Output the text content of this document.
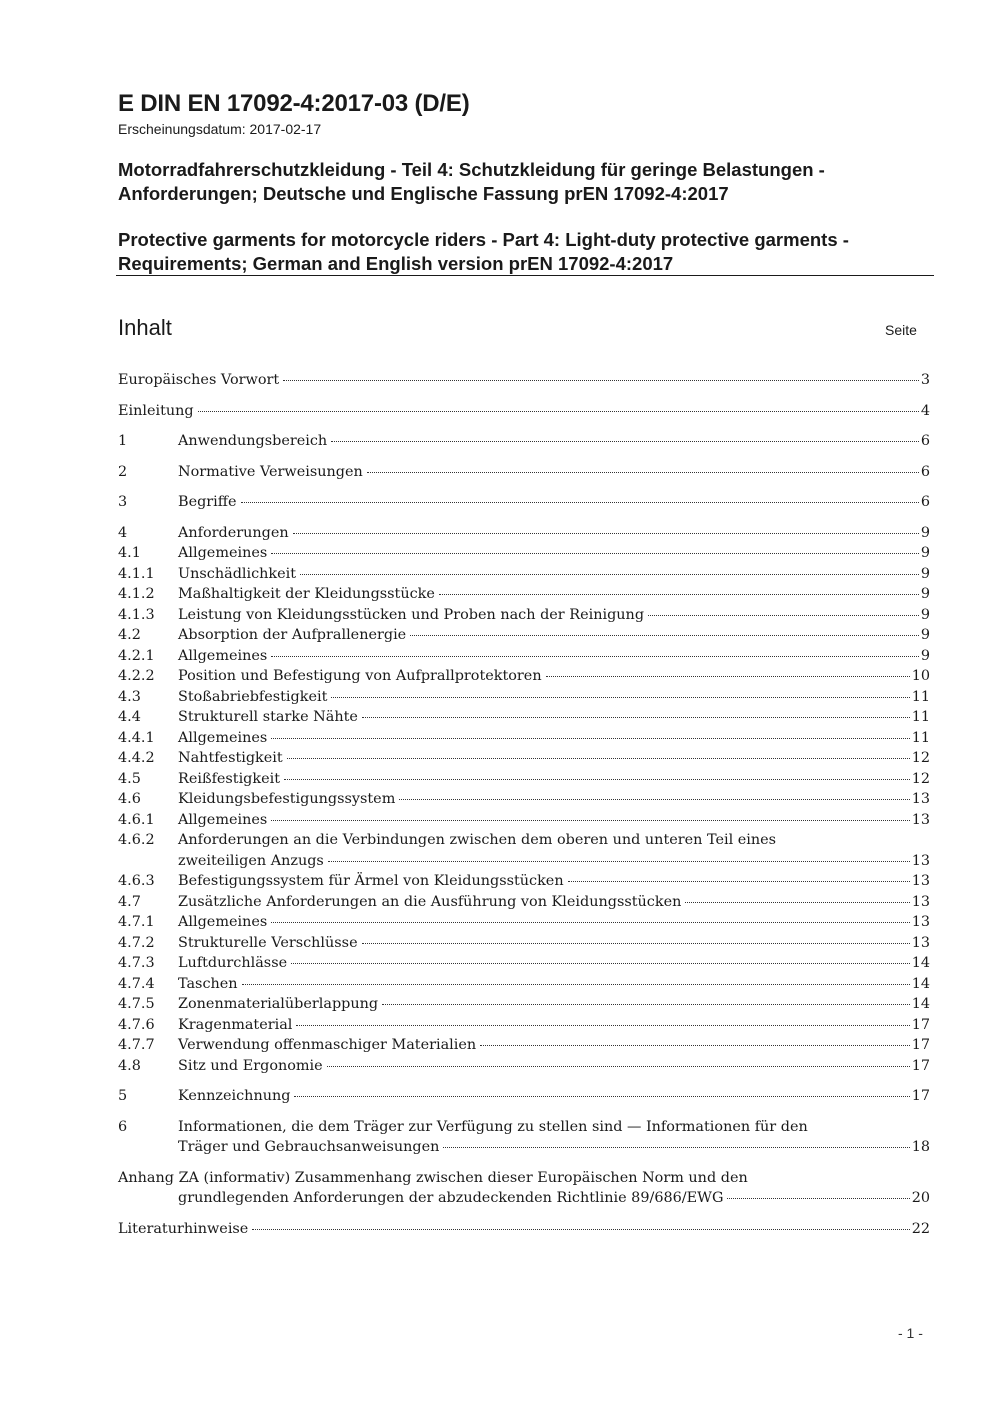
E DIN EN 17092-4:2017-03 (D/E)
Erscheinungsdatum: 2017-02-17
Motorradfahrerschutzkleidung - Teil 4: Schutzkleidung für geringe Belastungen - Anforderungen; Deutsche und Englische Fassung prEN 17092-4:2017
Protective garments for motorcycle riders - Part 4: Light-duty protective garments - Requirements; German and English version prEN 17092-4:2017
Inhalt	Seite
Europäisches Vorwort	3
Einleitung	4
1	Anwendungsbereich	6
2	Normative Verweisungen	6
3	Begriffe	6
4	Anforderungen	9
4.1	Allgemeines	9
4.1.1 Unschädlichkeit	9
4.1.2 Maßhaltigkeit der Kleidungsstücke	9
4.1.3 Leistung von Kleidungsstücken und Proben nach der Reinigung	9
4.2	Absorption der Aufprallenergie	9
4.2.1 Allgemeines	9
4.2.2 Position und Befestigung von Aufprallprotektoren	10
4.3	Stoßabriebfestigkeit	11
4.4	Strukturell starke Nähte	11
4.4.1 Allgemeines	11
4.4.2 Nahtfestigkeit	12
4.5	Reißfestigkeit	12
4.6	Kleidungsbefestigungssystem	13
4.6.1 Allgemeines	13
4.6.2 Anforderungen an die Verbindungen zwischen dem oberen und unteren Teil eines
zweiteiligen Anzugs	13
4.6.3 Befestigungssystem für Ärmel von Kleidungsstücken	13
4.7	Zusätzliche Anforderungen an die Ausführung von Kleidungsstücken	13
4.7.1 Allgemeines	13
4.7.2 Strukturelle Verschlüsse	13
4.7.3 Luftdurchlässe	14
4.7.4 Taschen	14
4.7.5 Zonenmaterialüberlappung	14
4.7.6 Kragenmaterial	17
4.7.7 Verwendung offenmaschiger Materialien	17
4.8	Sitz und Ergonomie	17
5	Kennzeichnung	17
6	Informationen, die dem Träger zur Verfügung zu stellen sind — Informationen für den
Träger und Gebrauchsanweisungen	18
Anhang ZA (informativ) Zusammenhang zwischen dieser Europäischen Norm und den
grundlegenden Anforderungen der abzudeckenden Richtlinie 89/686/EWG	20
Literaturhinweise	22
- 1 -
